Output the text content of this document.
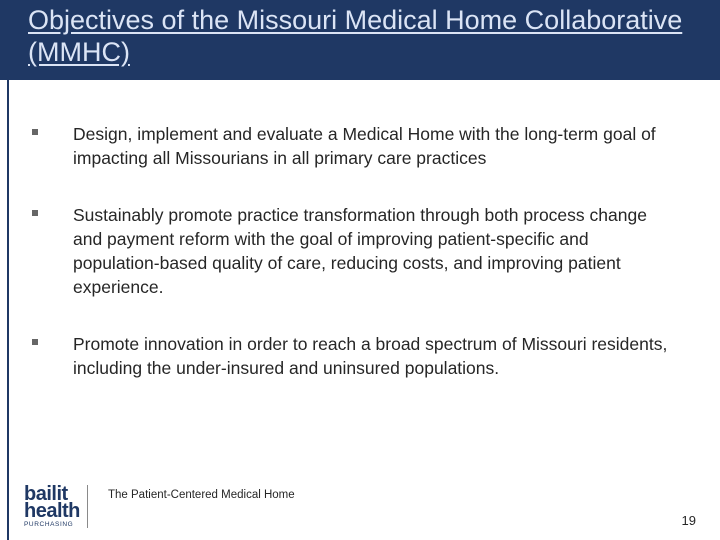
Objectives of the Missouri Medical Home Collaborative (MMHC)
Design, implement and evaluate a Medical Home with the long-term goal of impacting all Missourians in all primary care practices
Sustainably promote practice transformation through both process change and payment reform with the goal of improving patient-specific and population-based quality of care, reducing costs, and improving patient experience.
Promote innovation in order to reach a broad spectrum of Missouri residents, including the under-insured and uninsured populations.
bailit
health
PURCHASING
The Patient-Centered Medical Home
19
